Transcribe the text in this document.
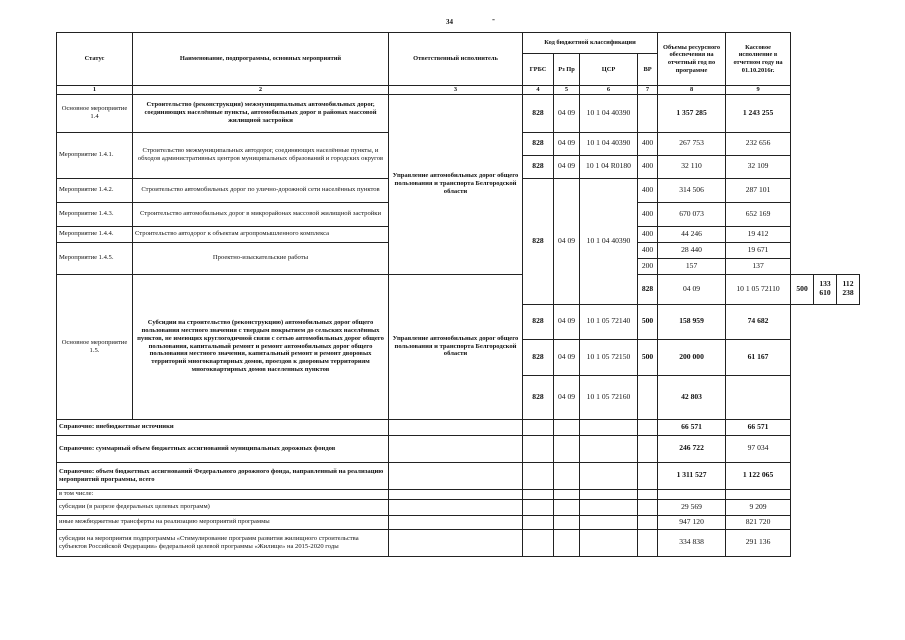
34	-
Статус	Наименование, подпрограммы, основных мероприятий	Ответственный исполнитель	Код бюджетной классификации				Объемы ресурсного обеспечения на отчетный год по программе	Кассовое исполнение в отчетном году на 01.10.2016г.			
			ГРБС	Рз Пр	ЦСР	ВР					
1	2	3	4	5	6	7	8	9			
Основное мероприятие 1.4	Строительство (реконструкция) межмуниципальных автомобильных дорог, соединяющих населённые пункты, автомобильных дорог в районах массовой жилищной застройки	Управление автомобильных дорог общего пользования и транспорта Белгородской области	828	04 09	10 1 04 40390		1 357 285	1 243 255			
Мероприятие 1.4.1.	Строительство межмуниципальных автодорог, соединяющих населённые пункты, и обходов административных центров муниципальных образований и городских округов		828	04 09	10 1 04 40390	400	267 753	232 656			
			828	04 09	10 1 04 R0180	400	32 110	32 109			
Мероприятие 1.4.2.	Строительство автомобильных дорог по улично-дорожной сети населённых пунктов		828	04 09	10 1 04 40390	400	314 506	287 101			
Мероприятие 1.4.3.	Строительство автомобильных дорог в микрорайонах массовой жилищной застройки					400	670 073	652 169			
Мероприятие 1.4.4.	Строительство автодорог к объектам агропромышленного комплекса					400	44 246	19 412			
Мероприятие 1.4.5.	Проектно-изыскательские работы					400	28 440	19 671			
						200	157	137			
Основное мероприятие 1.5.	Субсидии на строительство (реконструкцию) автомобильных дорог общего пользования местного значения с твердым покрытием до сельских населённых пунктов, не имеющих круглогодичной связи с сетью автомобильных дорог общего пользования, капитальный ремонт и ремонт автомобильных дорог общего пользования местного значения, капитальный ремонт и ремонт дворовых территорий многоквартирных домов, проездов к дворовым территориям многоквартирных домов населенных пунктов	Управление автомобильных дорог общего пользования и транспорта Белгородской области				828	04 09	10 1 05 72110	500	133 610	112 238
			828	04 09	10 1 05 72140	500	158 959	74 682			
			828	04 09	10 1 05 72150	500	200 000	61 167			
			828	04 09	10 1 05 72160		42 803				
Справочно: внебюджетные источники							66 571	66 571			
Справочно: суммарный объем бюджетных ассигнований муниципальных дорожных фондов							246 722	97 034			
Справочно: объем бюджетных ассигнований Федерального дорожного фонда, направленный на реализацию мероприятий программы, всего							1 311 527	1 122 065			
в том числе:											
субсидии (в разрезе федеральных целевых программ)							29 569	9 209			
иные межбюджетные трансферты на реализацию мероприятий программы							947 120	821 720			
субсидии на мероприятия подпрограммы «Стимулирование программ развития жилищного строительства субъектов Российской Федерации» федеральной целевой программы «Жилище» на 2015-2020 годы							334 838	291 136			
